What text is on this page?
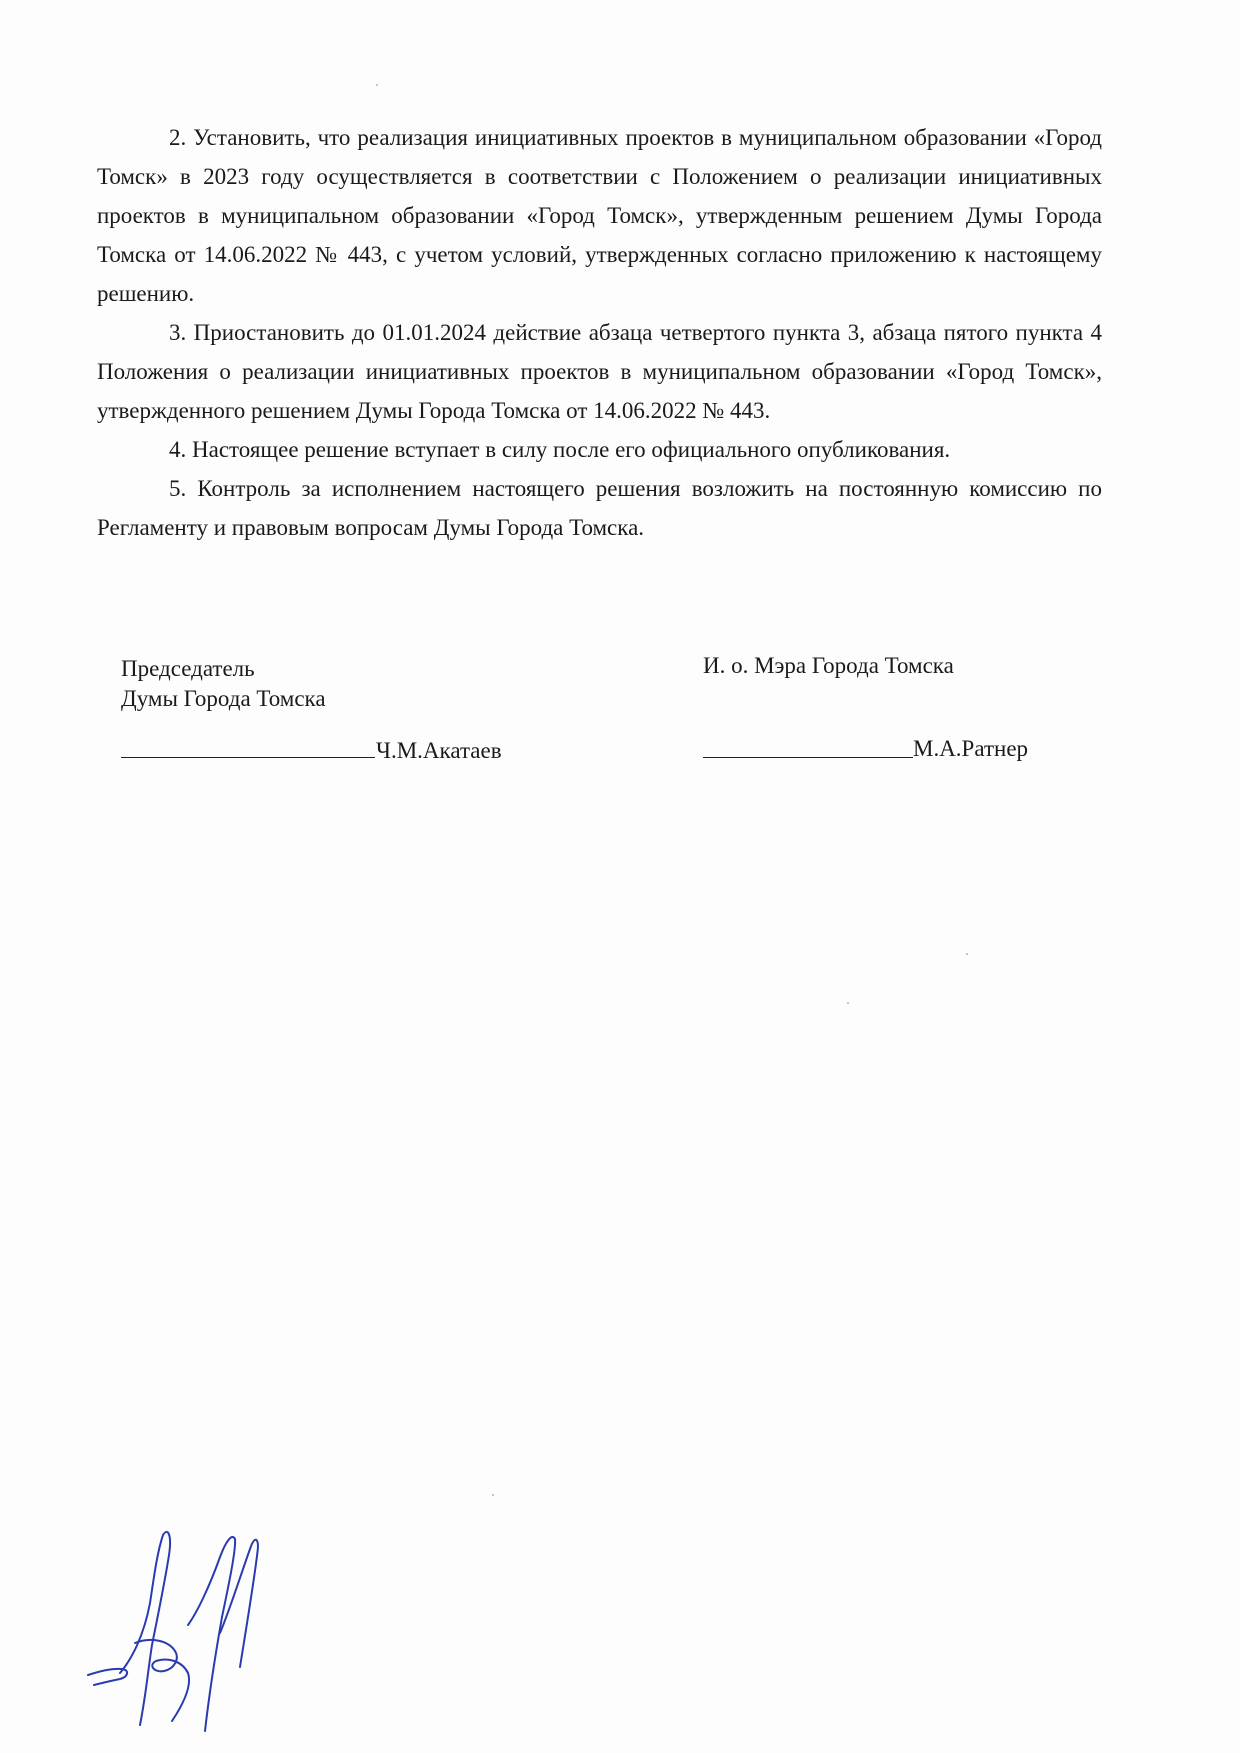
2. Установить, что реализация инициативных проектов в муниципальном образовании «Город Томск» в 2023 году осуществляется в соответствии с Положением о реализации инициативных проектов в муниципальном образовании «Город Томск», утвержденным решением Думы Города Томска от 14.06.2022 № 443, с учетом условий, утвержденных согласно приложению к настоящему решению.

3. Приостановить до 01.01.2024 действие абзаца четвертого пункта 3, абзаца пятого пункта 4 Положения о реализации инициативных проектов в муниципальном образовании «Город Томск», утвержденного решением Думы Города Томска от 14.06.2022 № 443.

4. Настоящее решение вступает в силу после его официального опубликования.

5. Контроль за исполнением настоящего решения возложить на постоянную комиссию по Регламенту и правовым вопросам Думы Города Томска.

Председатель
Думы Города Томска
И. о. Мэра Города Томска
Ч.М.Акатаев	М.А.Ратнер
